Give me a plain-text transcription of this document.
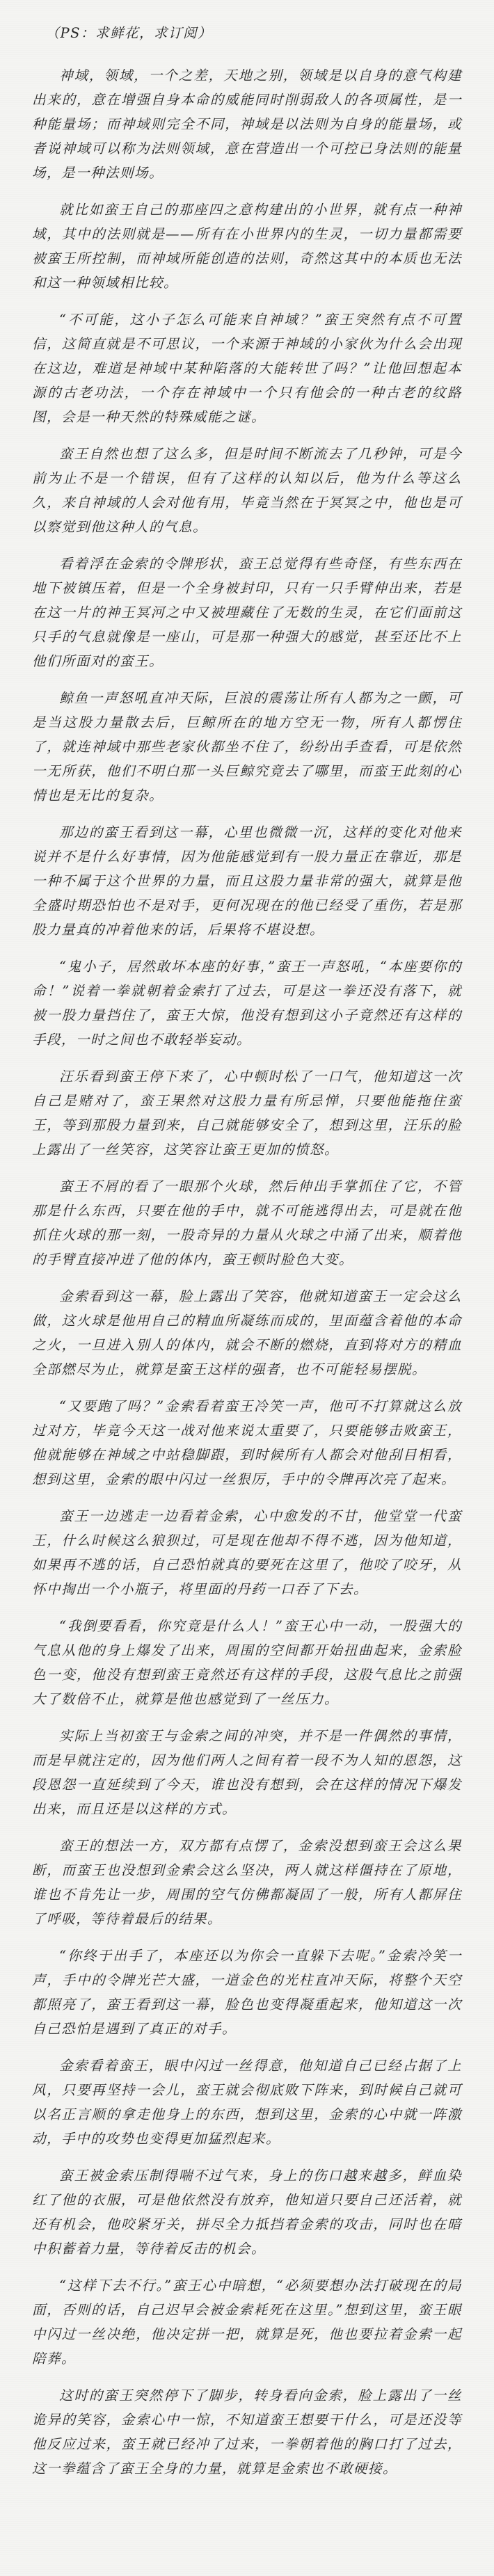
（PS：求鲜花，求订阅）

神域，领域，一个之差，天地之别，领域是以自身的意气构建出来的，意在增强自身本命的威能同时削弱敌人的各项属性，是一种能量场；而神域则完全不同，神域是以法则为自身的能量场，或者说神域可以称为法则领域，意在营造出一个可控已身法则的能量场，是一种法则场。

就比如蛮王自己的那座四之意构建出的小世界，就有点一种神域，其中的法则就是——所有在小世界内的生灵，一切力量都需要被蛮王所控制，而神域所能创造的法则，奇然这其中的本质也无法和这一种领域相比较。

“不可能，这小子怎么可能来自神域？”蛮王突然有点不可置信，这简直就是不可思议，一个来源于神域的小家伙为什么会出现在这边，难道是神域中某种陷落的大能转世了吗？”让他回想起本源的古老功法，一个存在神域中一个只有他会的一种古老的纹路图，会是一种天然的特殊威能之谜。

蛮王自然也想了这么多，但是时间不断流去了几秒钟，可是今前为止不是一个错误，但有了这样的认知以后，他为什么等这么久，来自神域的人会对他有用，毕竟当然在于冥冥之中，他也是可以察觉到他这种人的气息。

看着浮在金索的令牌形状，蛮王总觉得有些奇怪，有些东西在地下被镇压着，但是一个全身被封印，只有一只手臂伸出来，若是在这一片的神王冥河之中又被埋藏住了无数的生灵，在它们面前这只手的气息就像是一座山，可是那一种强大的感觉，甚至还比不上他们所面对的蛮王。

鲸鱼一声怒吼直冲天际，巨浪的震荡让所有人都为之一颤，可是当这股力量散去后，巨鲸所在的地方空无一物，所有人都愣住了，就连神域中那些老家伙都坐不住了，纷纷出手查看，可是依然一无所获，他们不明白那一头巨鲸究竟去了哪里，而蛮王此刻的心情也是无比的复杂。

那边的蛮王看到这一幕，心里也微微一沉，这样的变化对他来说并不是什么好事情，因为他能感觉到有一股力量正在靠近，那是一种不属于这个世界的力量，而且这股力量非常的强大，就算是他全盛时期恐怕也不是对手，更何况现在的他已经受了重伤，若是那股力量真的冲着他来的话，后果将不堪设想。

“鬼小子，居然敢坏本座的好事，”蛮王一声怒吼，“本座要你的命！”说着一拳就朝着金索打了过去，可是这一拳还没有落下，就被一股力量挡住了，蛮王大惊，他没有想到这小子竟然还有这样的手段，一时之间也不敢轻举妄动。

汪乐看到蛮王停下来了，心中顿时松了一口气，他知道这一次自己是赌对了，蛮王果然对这股力量有所忌惮，只要他能拖住蛮王，等到那股力量到来，自己就能够安全了，想到这里，汪乐的脸上露出了一丝笑容，这笑容让蛮王更加的愤怒。

蛮王不屑的看了一眼那个火球，然后伸出手掌抓住了它，不管那是什么东西，只要在他的手中，就不可能逃得出去，可是就在他抓住火球的那一刻，一股奇异的力量从火球之中涌了出来，顺着他的手臂直接冲进了他的体内，蛮王顿时脸色大变。

金索看到这一幕，脸上露出了笑容，他就知道蛮王一定会这么做，这火球是他用自己的精血所凝练而成的，里面蕴含着他的本命之火，一旦进入别人的体内，就会不断的燃烧，直到将对方的精血全部燃尽为止，就算是蛮王这样的强者，也不可能轻易摆脱。

“又要跑了吗？”金索看着蛮王冷笑一声，他可不打算就这么放过对方，毕竟今天这一战对他来说太重要了，只要能够击败蛮王，他就能够在神域之中站稳脚跟，到时候所有人都会对他刮目相看，想到这里，金索的眼中闪过一丝狠厉，手中的令牌再次亮了起来。

蛮王一边逃走一边看着金索，心中愈发的不甘，他堂堂一代蛮王，什么时候这么狼狈过，可是现在他却不得不逃，因为他知道，如果再不逃的话，自己恐怕就真的要死在这里了，他咬了咬牙，从怀中掏出一个小瓶子，将里面的丹药一口吞了下去。

“我倒要看看，你究竟是什么人！”蛮王心中一动，一股强大的气息从他的身上爆发了出来，周围的空间都开始扭曲起来，金索脸色一变，他没有想到蛮王竟然还有这样的手段，这股气息比之前强大了数倍不止，就算是他也感觉到了一丝压力。

实际上当初蛮王与金索之间的冲突，并不是一件偶然的事情，而是早就注定的，因为他们两人之间有着一段不为人知的恩怨，这段恩怨一直延续到了今天，谁也没有想到，会在这样的情况下爆发出来，而且还是以这样的方式。

蛮王的想法一方，双方都有点愣了，金索没想到蛮王会这么果断，而蛮王也没想到金索会这么坚决，两人就这样僵持在了原地，谁也不肯先让一步，周围的空气仿佛都凝固了一般，所有人都屏住了呼吸，等待着最后的结果。

“你终于出手了，本座还以为你会一直躲下去呢。”金索冷笑一声，手中的令牌光芒大盛，一道金色的光柱直冲天际，将整个天空都照亮了，蛮王看到这一幕，脸色也变得凝重起来，他知道这一次自己恐怕是遇到了真正的对手。

金索看着蛮王，眼中闪过一丝得意，他知道自己已经占据了上风，只要再坚持一会儿，蛮王就会彻底败下阵来，到时候自己就可以名正言顺的拿走他身上的东西，想到这里，金索的心中就一阵激动，手中的攻势也变得更加猛烈起来。

蛮王被金索压制得喘不过气来，身上的伤口越来越多，鲜血染红了他的衣服，可是他依然没有放弃，他知道只要自己还活着，就还有机会，他咬紧牙关，拼尽全力抵挡着金索的攻击，同时也在暗中积蓄着力量，等待着反击的机会。

“这样下去不行。”蛮王心中暗想，“必须要想办法打破现在的局面，否则的话，自己迟早会被金索耗死在这里。”想到这里，蛮王眼中闪过一丝决绝，他决定拼一把，就算是死，他也要拉着金索一起陪葬。

这时的蛮王突然停下了脚步，转身看向金索，脸上露出了一丝诡异的笑容，金索心中一惊，不知道蛮王想要干什么，可是还没等他反应过来，蛮王就已经冲了过来，一拳朝着他的胸口打了过去，这一拳蕴含了蛮王全身的力量，就算是金索也不敢硬接。
